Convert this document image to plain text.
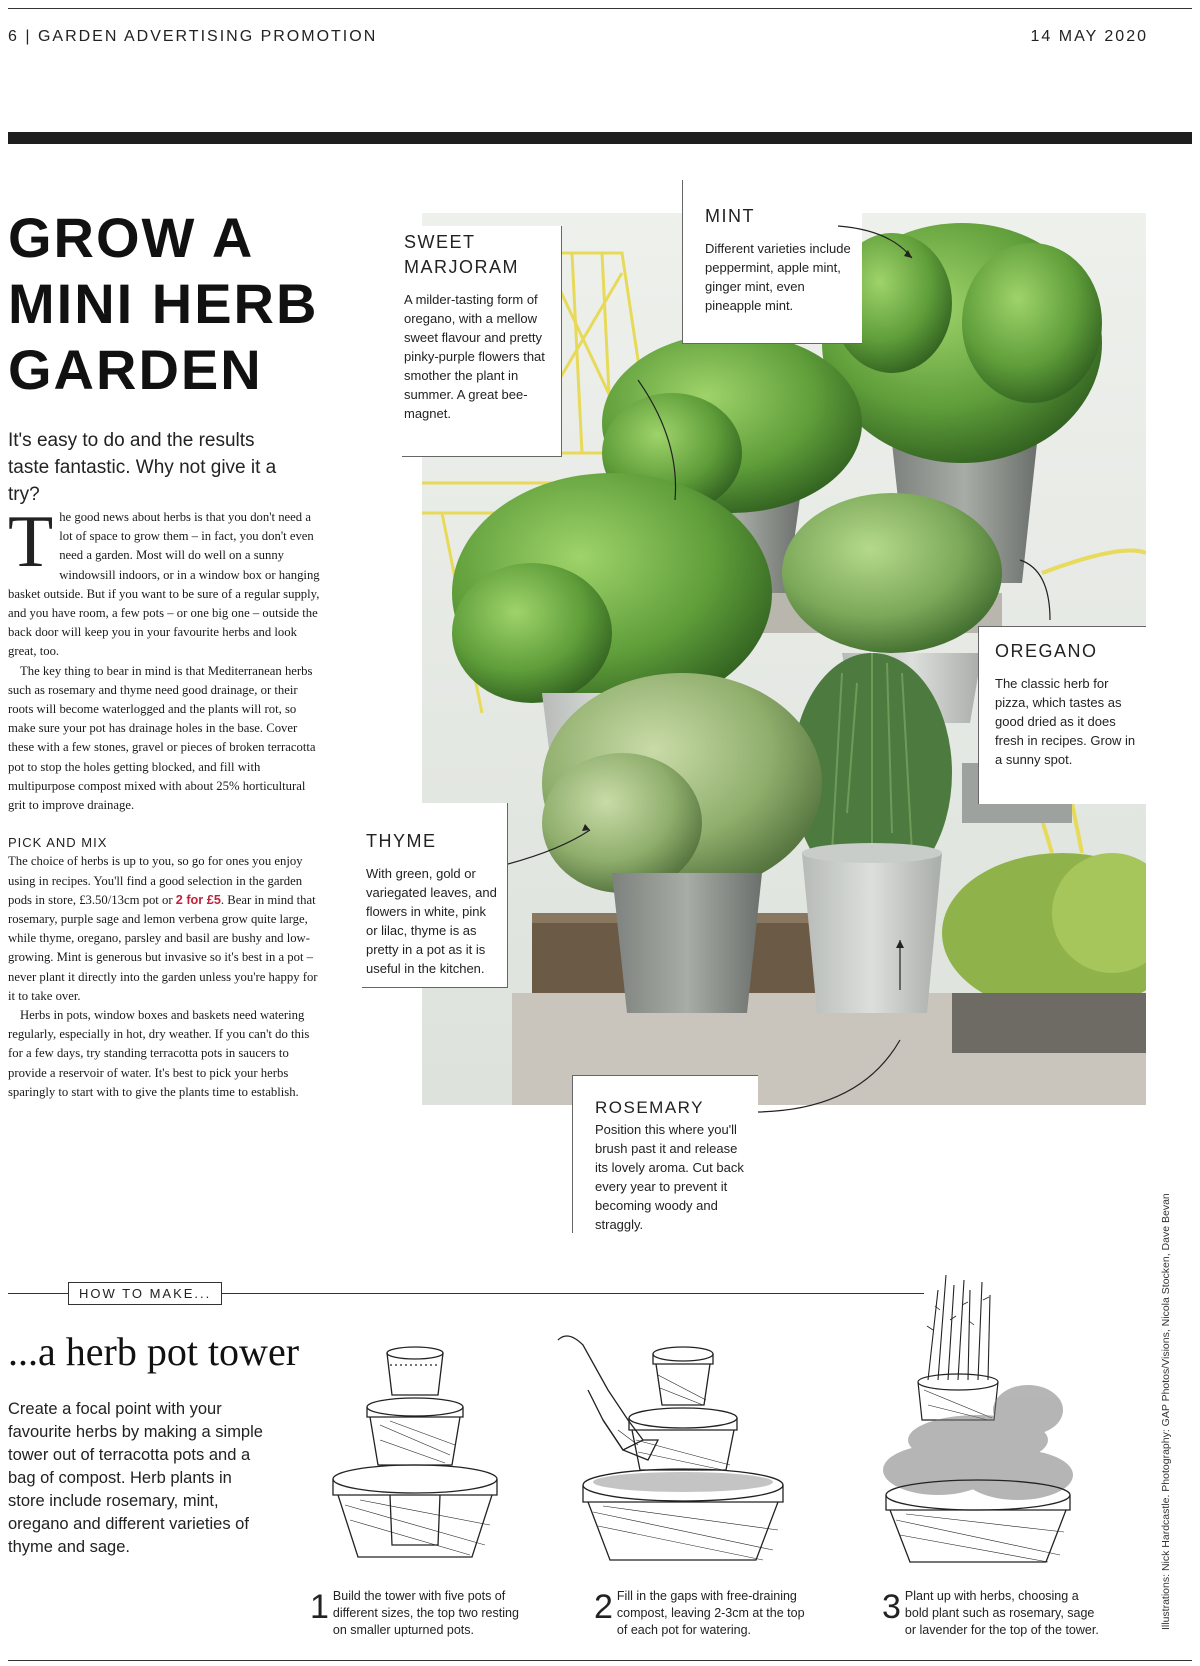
6 | GARDEN ADVERTISING PROMOTION	14 MAY 2020
GROW A
MINI HERB
GARDEN
It's easy to do and the results taste fantastic. Why not give it a try?

The good news about herbs is that you don't need a lot of space to grow them – in fact, you don't even need a garden. Most will do well on a sunny windowsill indoors, or in a window box or hanging basket outside. But if you want to be sure of a regular supply, and you have room, a few pots – or one big one – outside the back door will keep you in your favourite herbs and look great, too.

The key thing to bear in mind is that Mediterranean herbs such as rosemary and thyme need good drainage, or their roots will become waterlogged and the plants will rot, so make sure your pot has drainage holes in the base. Cover these with a few stones, gravel or pieces of broken terracotta pot to stop the holes getting blocked, and fill with multipurpose compost mixed with about 25% horticultural grit to improve drainage.

PICK AND MIX

The choice of herbs is up to you, so go for ones you enjoy using in recipes. You'll find a good selection in the garden pods in store, £3.50/13cm pot or 2 for £5. Bear in mind that rosemary, purple sage and lemon verbena grow quite large, while thyme, oregano, parsley and basil are bushy and low-growing. Mint is generous but invasive so it's best in a pot – never plant it directly into the garden unless you're happy for it to take over.

Herbs in pots, window boxes and baskets need watering regularly, especially in hot, dry weather. If you can't do this for a few days, try standing terracotta pots in saucers to provide a reservoir of water. It's best to pick your herbs sparingly to start with to give the plants time to establish.

SWEET
MARJORAM
A milder-tasting form of oregano, with a mellow sweet flavour and pretty pinky-purple flowers that smother the plant in summer. A great bee-magnet.
MINT
Different varieties include peppermint, apple mint, ginger mint, even pineapple mint.
OREGANO
The classic herb for pizza, which tastes as good dried as it does fresh in recipes. Grow in a sunny spot.
THYME
With green, gold or variegated leaves, and flowers in white, pink or lilac, thyme is as pretty in a pot as it is useful in the kitchen.
ROSEMARY
Position this where you'll brush past it and release its lovely aroma. Cut back every year to prevent it becoming woody and straggly.	Illustrations: Nick Hardcastle. Photography: GAP Photos/Visions, Nicola Stocken, Dave Bevan
HOW TO MAKE...
...a herb pot tower
Create a focal point with your favourite herbs by making a simple tower out of terracotta pots and a bag of compost. Herb plants in store include rosemary, mint, oregano and different varieties of thyme and sage.
1 Build the tower with five pots of different sizes, the top two resting on smaller upturned pots.
2 Fill in the gaps with free-draining compost, leaving 2-3cm at the top of each pot for watering.
3 Plant up with herbs, choosing a bold plant such as rosemary, sage or lavender for the top of the tower.
